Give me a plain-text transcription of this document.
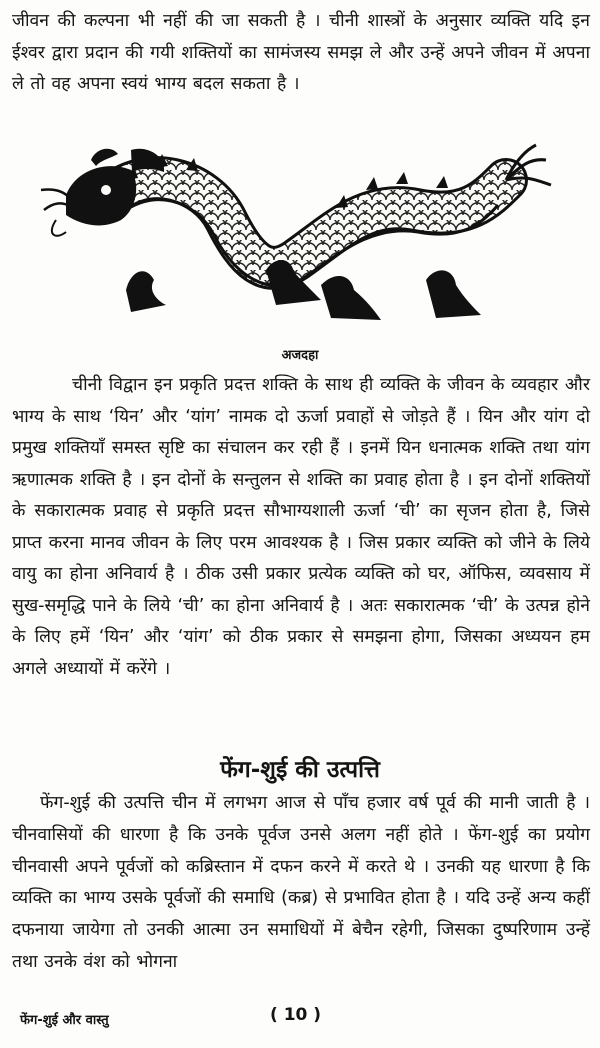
जीवन की कल्पना भी नहीं की जा सकती है । चीनी शास्त्रों के अनुसार व्यक्ति यदि इन ईश्वर द्वारा प्रदान की गयी शक्तियों का सामंजस्य समझ ले और उन्हें अपने जीवन में अपना ले तो वह अपना स्वयं भाग्य बदल सकता है ।

अजदहा

चीनी विद्वान इन प्रकृति प्रदत्त शक्ति के साथ ही व्यक्ति के जीवन के व्यवहार और भाग्य के साथ ‘यिन’ और ‘यांग’ नामक दो ऊर्जा प्रवाहों से जोड़ते हैं । यिन और यांग दो प्रमुख शक्तियाँ समस्त सृष्टि का संचालन कर रही हैं । इनमें यिन धनात्मक शक्ति तथा यांग ऋणात्मक शक्ति है । इन दोनों के सन्तुलन से शक्ति का प्रवाह होता है । इन दोनों शक्तियों के सकारात्मक प्रवाह से प्रकृति प्रदत्त सौभाग्यशाली ऊर्जा ‘ची’ का सृजन होता है, जिसे प्राप्त करना मानव जीवन के लिए परम आवश्यक है । जिस प्रकार व्यक्ति को जीने के लिये वायु का होना अनिवार्य है । ठीक उसी प्रकार प्रत्येक व्यक्ति को घर, ऑफिस, व्यवसाय में सुख-समृद्धि पाने के लिये ‘ची’ का होना अनिवार्य है । अतः सकारात्मक ‘ची’ के उत्पन्न होने के लिए हमें ‘यिन’ और ‘यांग’ को ठीक प्रकार से समझना होगा, जिसका अध्ययन हम अगले अध्यायों में करेंगे ।

फेंग-शुई की उत्पत्ति

फेंग-शुई की उत्पत्ति चीन में लगभग आज से पाँच हजार वर्ष पूर्व की मानी जाती है । चीनवासियों की धारणा है कि उनके पूर्वज उनसे अलग नहीं होते । फेंग-शुई का प्रयोग चीनवासी अपने पूर्वजों को कब्रिस्तान में दफन करने में करते थे । उनकी यह धारणा है कि व्यक्ति का भाग्य उसके पूर्वजों की समाधि (कब्र) से प्रभावित होता है । यदि उन्हें अन्य कहीं दफनाया जायेगा तो उनकी आत्मा उन समाधियों में बेचैन रहेगी, जिसका दुष्परिणाम उन्हें तथा उनके वंश को भोगना

फेंग-शुई और वास्तु	( 10 )
